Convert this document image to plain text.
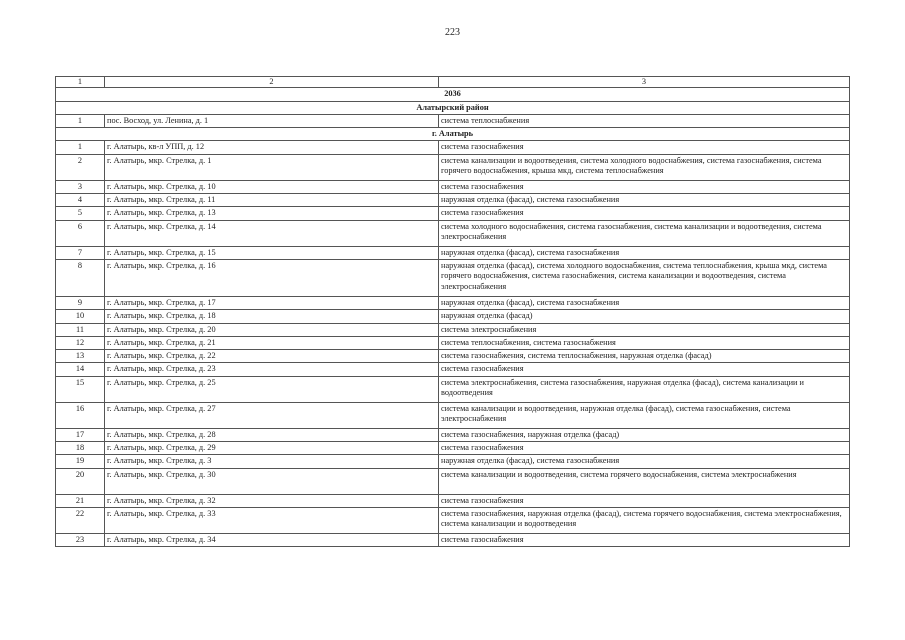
223
1	2	3
2036		
Алатырский район		
1	пос. Восход, ул. Ленина, д. 1	система теплоснабжения
г. Алатырь		
1	г. Алатырь, кв-л УПП, д. 12	система газоснабжения
2	г. Алатырь, мкр. Стрелка, д. 1	система канализации и водоотведения, система холодного водоснабжения, система газоснабжения, система горячего водоснабжения, крыша мкд, система теплоснабжения
3	г. Алатырь, мкр. Стрелка, д. 10	система газоснабжения
4	г. Алатырь, мкр. Стрелка, д. 11	наружная отделка (фасад), система газоснабжения
5	г. Алатырь, мкр. Стрелка, д. 13	система газоснабжения
6	г. Алатырь, мкр. Стрелка, д. 14	система холодного водоснабжения, система газоснабжения, система канализации и водоотведения, система электроснабжения
7	г. Алатырь, мкр. Стрелка, д. 15	наружная отделка (фасад), система газоснабжения
8	г. Алатырь, мкр. Стрелка, д. 16	наружная отделка (фасад), система холодного водоснабжения, система теплоснабжения, крыша мкд, система горячего водоснабжения, система газоснабжения, система канализации и водоотведения, система электроснабжения
9	г. Алатырь, мкр. Стрелка, д. 17	наружная отделка (фасад), система газоснабжения
10	г. Алатырь, мкр. Стрелка, д. 18	наружная отделка (фасад)
11	г. Алатырь, мкр. Стрелка, д. 20	система электроснабжения
12	г. Алатырь, мкр. Стрелка, д. 21	система теплоснабжения, система газоснабжения
13	г. Алатырь, мкр. Стрелка, д. 22	система газоснабжения, система теплоснабжения, наружная отделка (фасад)
14	г. Алатырь, мкр. Стрелка, д. 23	система газоснабжения
15	г. Алатырь, мкр. Стрелка, д. 25	система электроснабжения, система газоснабжения, наружная отделка (фасад), система канализации и водоотведения
16	г. Алатырь, мкр. Стрелка, д. 27	система канализации и водоотведения, наружная отделка (фасад), система газоснабжения, система электроснабжения
17	г. Алатырь, мкр. Стрелка, д. 28	система газоснабжения, наружная отделка (фасад)
18	г. Алатырь, мкр. Стрелка, д. 29	система газоснабжения
19	г. Алатырь, мкр. Стрелка, д. 3	наружная отделка (фасад), система газоснабжения
20	г. Алатырь, мкр. Стрелка, д. 30	система канализации и водоотведения, система горячего водоснабжения, система электроснабжения
21	г. Алатырь, мкр. Стрелка, д. 32	система газоснабжения
22	г. Алатырь, мкр. Стрелка, д. 33	система газоснабжения, наружная отделка (фасад), система горячего водоснабжения, система электроснабжения, система канализации и водоотведения
23	г. Алатырь, мкр. Стрелка, д. 34	система газоснабжения
